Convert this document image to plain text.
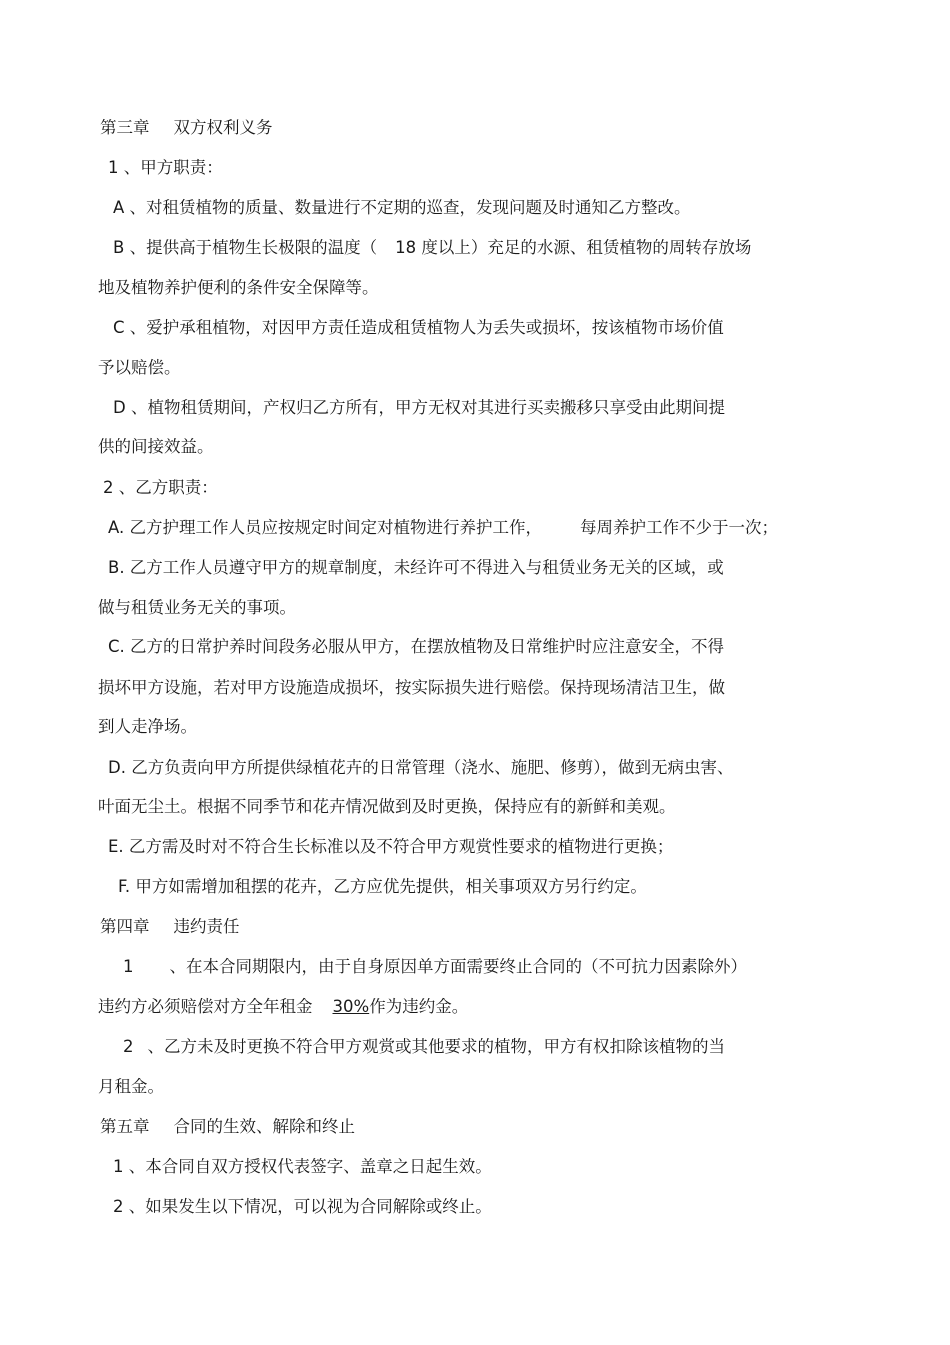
第三章 双方权利义务
1 、甲方职责：
A 、对租赁植物的质量、数量进行不定期的巡查，发现问题及时通知乙方整改。
B 、提供高于植物生长极限的温度（ 18 度以上）充足的水源、租赁植物的周转存放场
地及植物养护便利的条件安全保障等。
C 、爱护承租植物，对因甲方责任造成租赁植物人为丢失或损坏，按该植物市场价值
予以赔偿。
D 、植物租赁期间，产权归乙方所有，甲方无权对其进行买卖搬移只享受由此期间提
供的间接效益。
2 、乙方职责：
A. 乙方护理工作人员应按规定时间定对植物进行养护工作， 每周养护工作不少于一次；
B. 乙方工作人员遵守甲方的规章制度，未经许可不得进入与租赁业务无关的区域，或
做与租赁业务无关的事项。
C. 乙方的日常护养时间段务必服从甲方，在摆放植物及日常维护时应注意安全，不得
损坏甲方设施，若对甲方设施造成损坏，按实际损失进行赔偿。保持现场清洁卫生，做
到人走净场。
D. 乙方负责向甲方所提供绿植花卉的日常管理（浇水、施肥、修剪），做到无病虫害、
叶面无尘土。根据不同季节和花卉情况做到及时更换，保持应有的新鲜和美观。
E. 乙方需及时对不符合生长标准以及不符合甲方观赏性要求的植物进行更换；
F. 甲方如需增加租摆的花卉，乙方应优先提供，相关事项双方另行约定。
第四章 违约责任
1 、在本合同期限内，由于自身原因单方面需要终止合同的（不可抗力因素除外）
违约方必须赔偿对方全年租金 30%作为违约金。
2 、乙方未及时更换不符合甲方观赏或其他要求的植物，甲方有权扣除该植物的当
月租金。
第五章 合同的生效、解除和终止
1 、本合同自双方授权代表签字、盖章之日起生效。
2 、如果发生以下情况，可以视为合同解除或终止。
